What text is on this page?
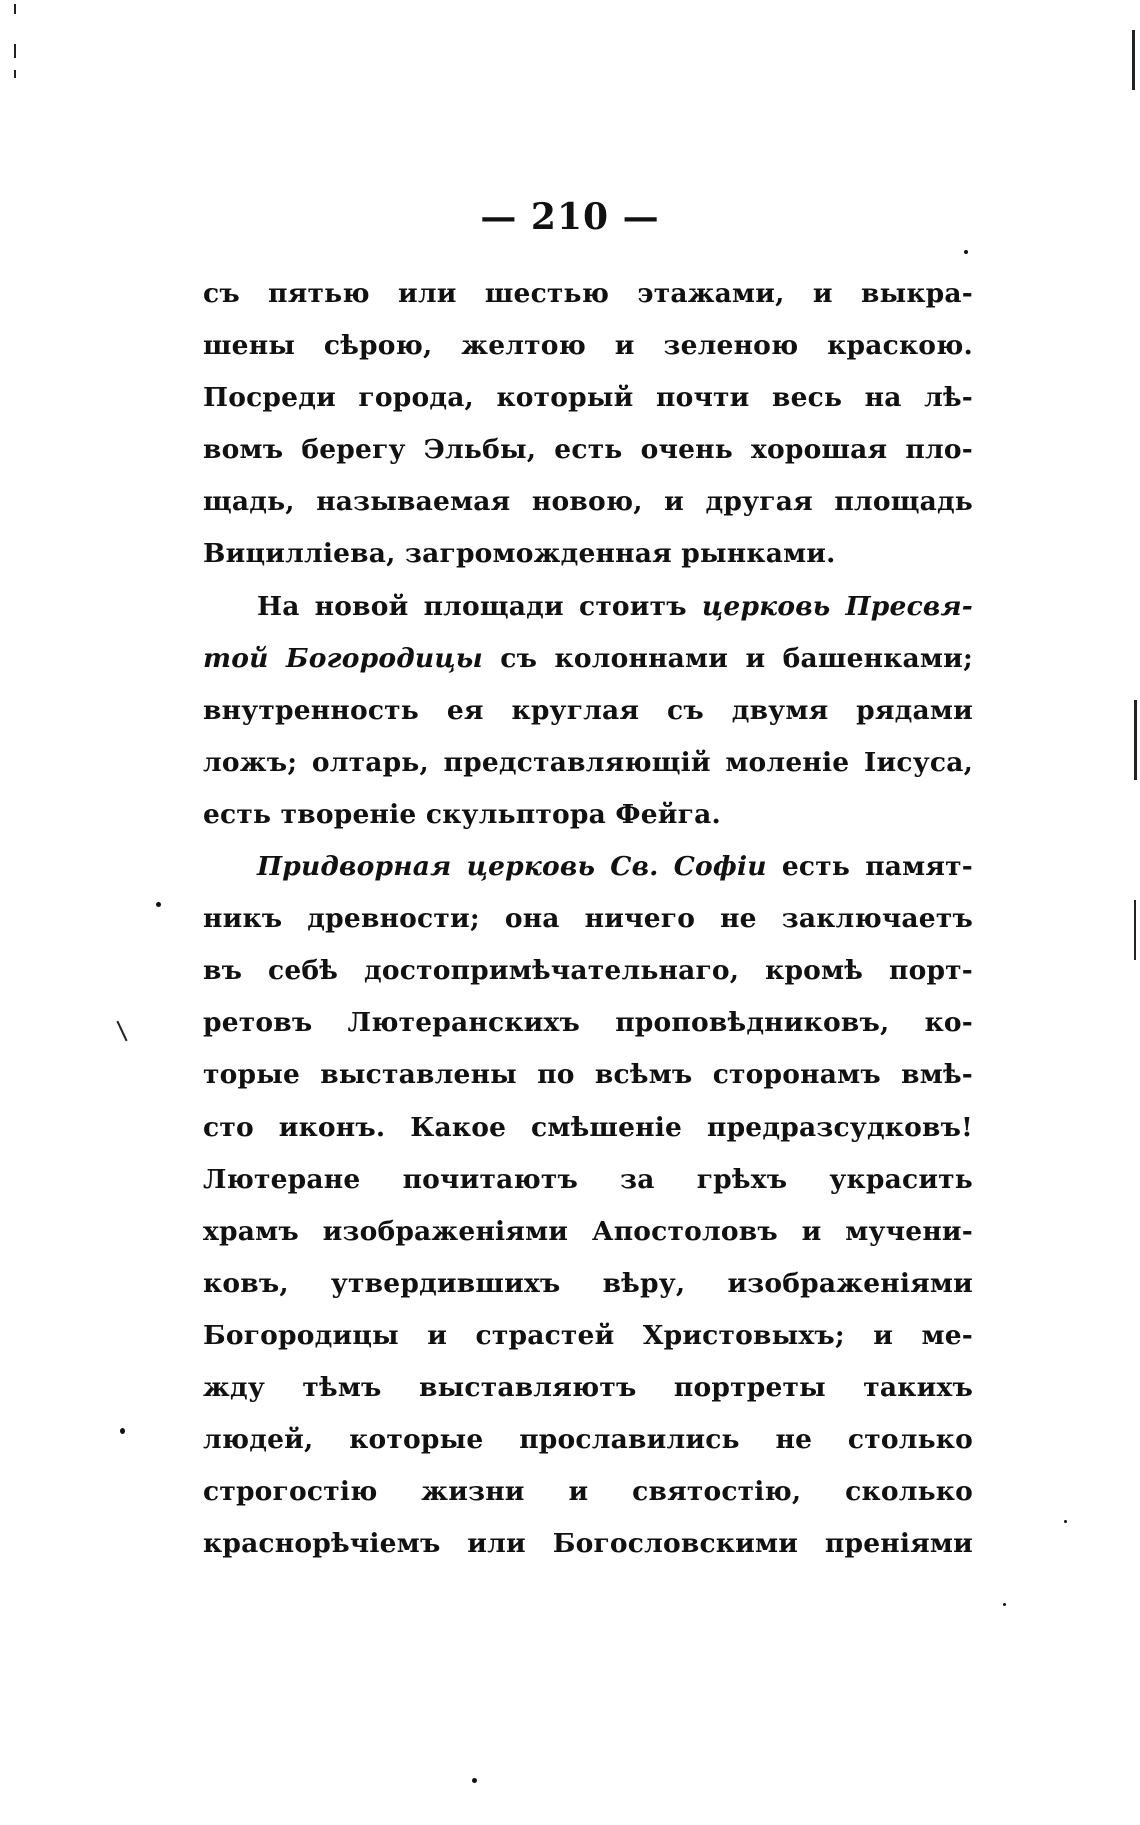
— 210 —
съ пятью или шестью этажами, и выкра-
шены сѣрою, желтою и зеленою краскою.
Посреди города, который почти весь на лѣ-
вомъ берегу Эльбы, есть очень хорошая пло-
щадь, называемая новою, и другая площадь
Вицилліева, загроможденная рынками.
На новой площади стоитъ церковь Пресвя-
той Богородицы съ колоннами и башенками;
внутренность ея круглая съ двумя рядами
ложъ; олтарь, представляющій моленіе Іисуса,
есть твореніе скульптора Фейга.
Придворная церковь Св. Софіи есть памят-
никъ древности; она ничего не заключаетъ
въ себѣ достопримѣчательнаго, кромѣ порт-
ретовъ Лютеранскихъ проповѣдниковъ, ко-
торые выставлены по всѣмъ сторонамъ вмѣ-
сто иконъ. Какое смѣшеніе предразсудковъ!
Лютеране почитаютъ за грѣхъ украсить
храмъ изображеніями Апостоловъ и мучени-
ковъ, утвердившихъ вѣру, изображеніями
Богородицы и страстей Христовыхъ; и ме-
жду тѣмъ выставляютъ портреты такихъ
людей, которые прославились не столько
строгостію жизни и святостію, сколько
краснорѣчіемъ или Богословскими преніями
